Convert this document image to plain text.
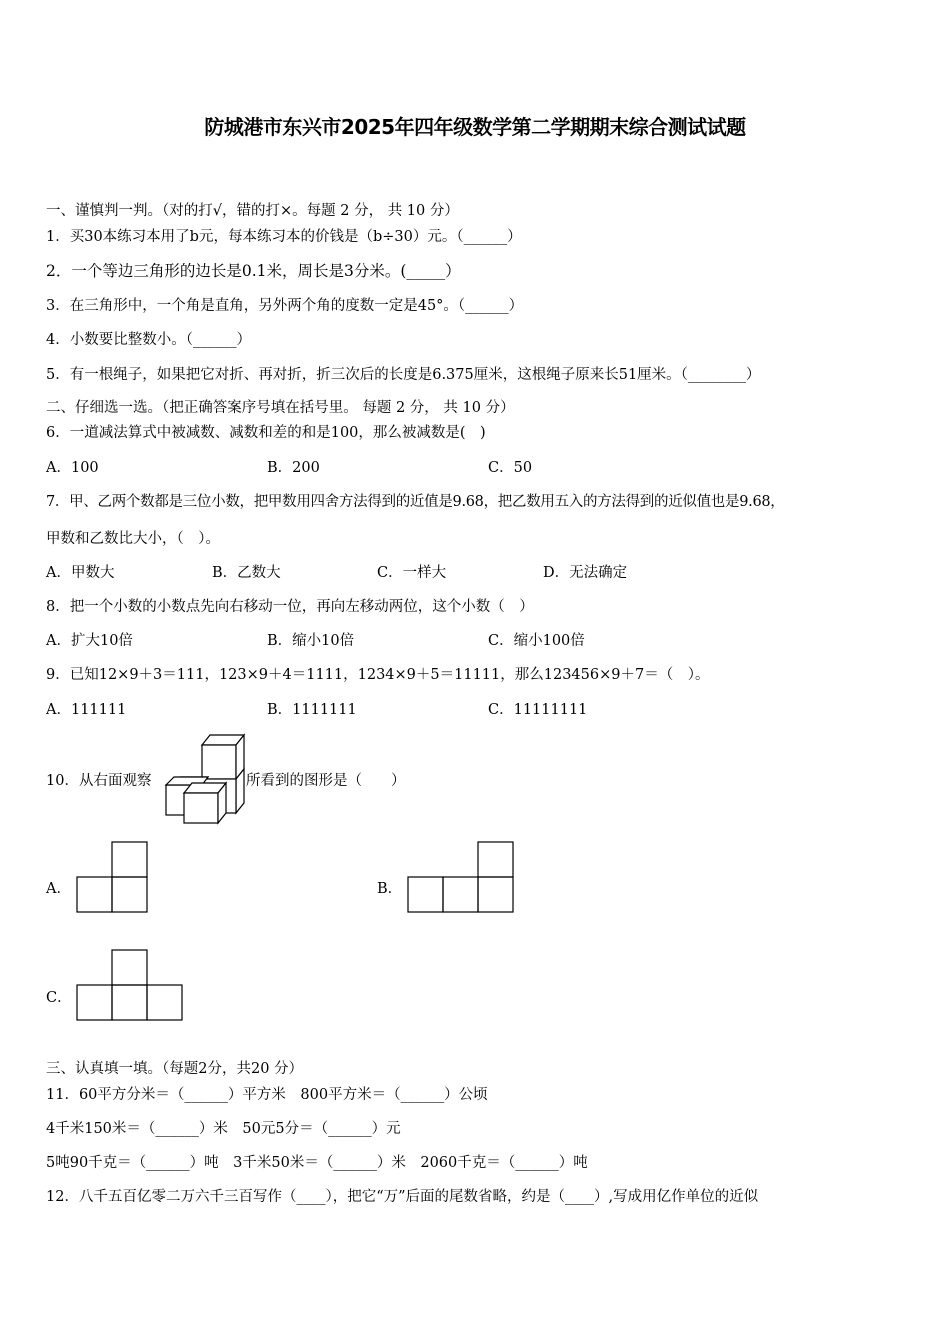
防城港市东兴市2025年四年级数学第二学期期末综合测试试题
一、谨慎判一判。（对的打√，错的打×。每题 2 分， 共 10 分）
1．买30本练习本用了b元，每本练习本的价钱是（b÷30）元。（______）
2．一个等边三角形的边长是0.1米，周长是3分米。(_____）
3．在三角形中，一个角是直角，另外两个角的度数一定是45°。（______）
4．小数要比整数小。（______）
5．有一根绳子，如果把它对折、再对折，折三次后的长度是6.375厘米，这根绳子原来长51厘米。（________）
二、仔细选一选。（把正确答案序号填在括号里。 每题 2 分， 共 10 分）
6．一道减法算式中被减数、减数和差的和是100，那么被减数是(　)
A．100	B．200	C．50
7．甲、乙两个数都是三位小数，把甲数用四舍方法得到的近值是9.68，把乙数用五入的方法得到的近似值也是9.68，
甲数和乙数比大小，（　）。
A．甲数大	B．乙数大	C．一样大	D．无法确定
8．把一个小数的小数点先向右移动一位，再向左移动两位，这个小数（　）
A．扩大10倍	B．缩小10倍	C．缩小100倍
9．已知12×9＋3＝111，123×9＋4＝1111，1234×9＋5＝11111，那么123456×9＋7＝（　）。
A．111111	B．1111111	C．11111111
10．从右面观察	所看到的图形是（　　）
A．	B．
C．
三、认真填一填。（每题2分，共20 分）
11．60平方分米＝（______）平方米　800平方米＝（______）公顷
4千米150米＝（______）米　50元5分＝（______）元
5吨90千克＝（______）吨　3千米50米＝（______）米　2060千克＝（______）吨
12．八千五百亿零二万六千三百写作（____），把它“万”后面的尾数省略，约是（____）,写成用亿作单位的近似
